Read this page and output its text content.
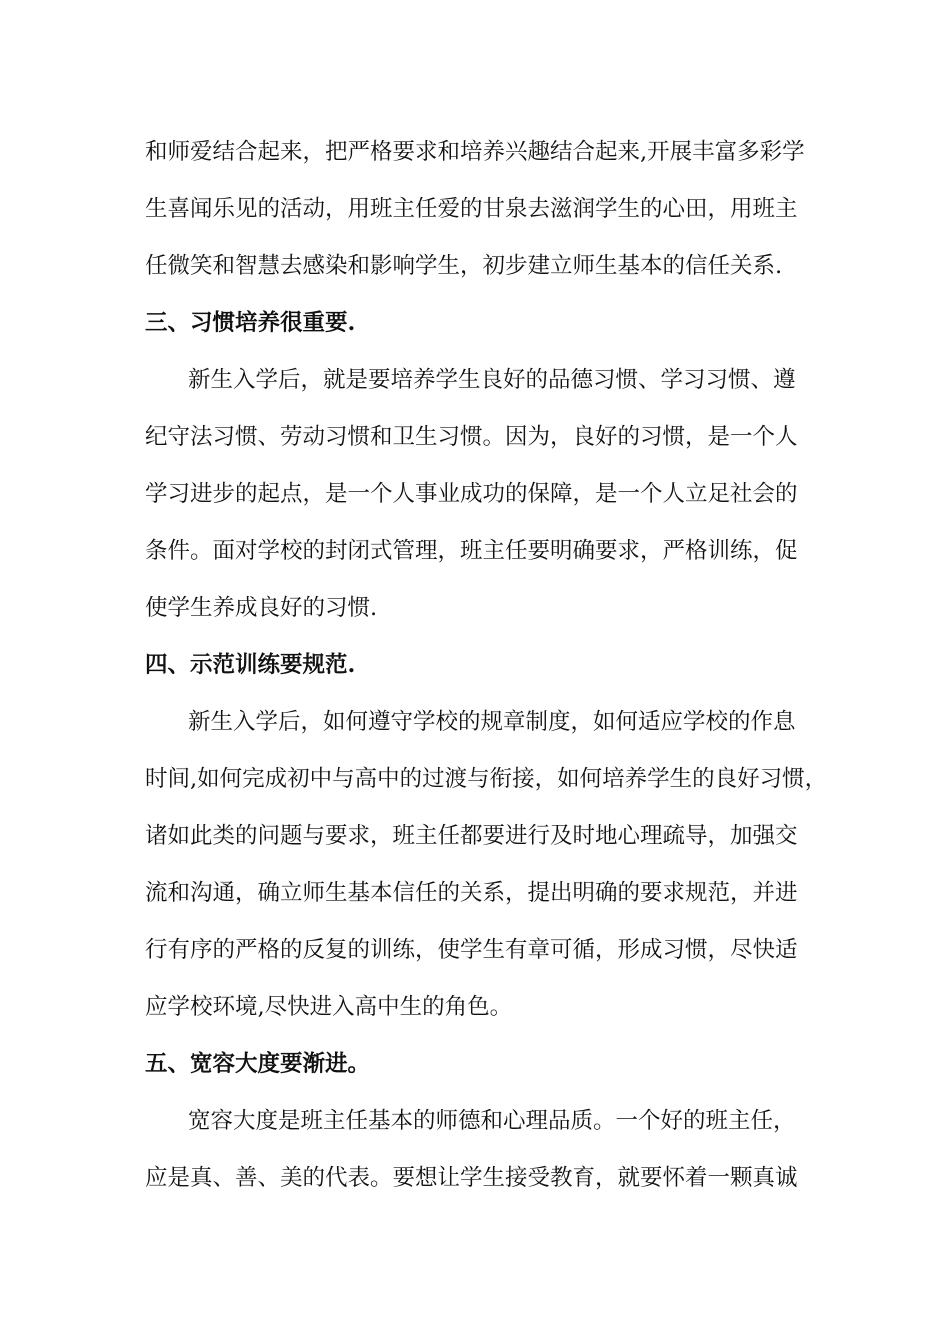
和师爱结合起来，把严格要求和培养兴趣结合起来,开展丰富多彩学
生喜闻乐见的活动，用班主任爱的甘泉去滋润学生的心田，用班主
任微笑和智慧去感染和影响学生，初步建立师生基本的信任关系.
三、习惯培养很重要.
新生入学后，就是要培养学生良好的品德习惯、学习习惯、遵
纪守法习惯、劳动习惯和卫生习惯。因为，良好的习惯，是一个人
学习进步的起点，是一个人事业成功的保障，是一个人立足社会的
条件。面对学校的封闭式管理，班主任要明确要求，严格训练，促
使学生养成良好的习惯.
四、示范训练要规范.
新生入学后，如何遵守学校的规章制度，如何适应学校的作息
时间,如何完成初中与高中的过渡与衔接，如何培养学生的良好习惯，
诸如此类的问题与要求，班主任都要进行及时地心理疏导，加强交
流和沟通，确立师生基本信任的关系，提出明确的要求规范，并进
行有序的严格的反复的训练，使学生有章可循，形成习惯，尽快适
应学校环境,尽快进入高中生的角色。
五、宽容大度要渐进。
宽容大度是班主任基本的师德和心理品质。一个好的班主任，
应是真、善、美的代表。要想让学生接受教育，就要怀着一颗真诚
